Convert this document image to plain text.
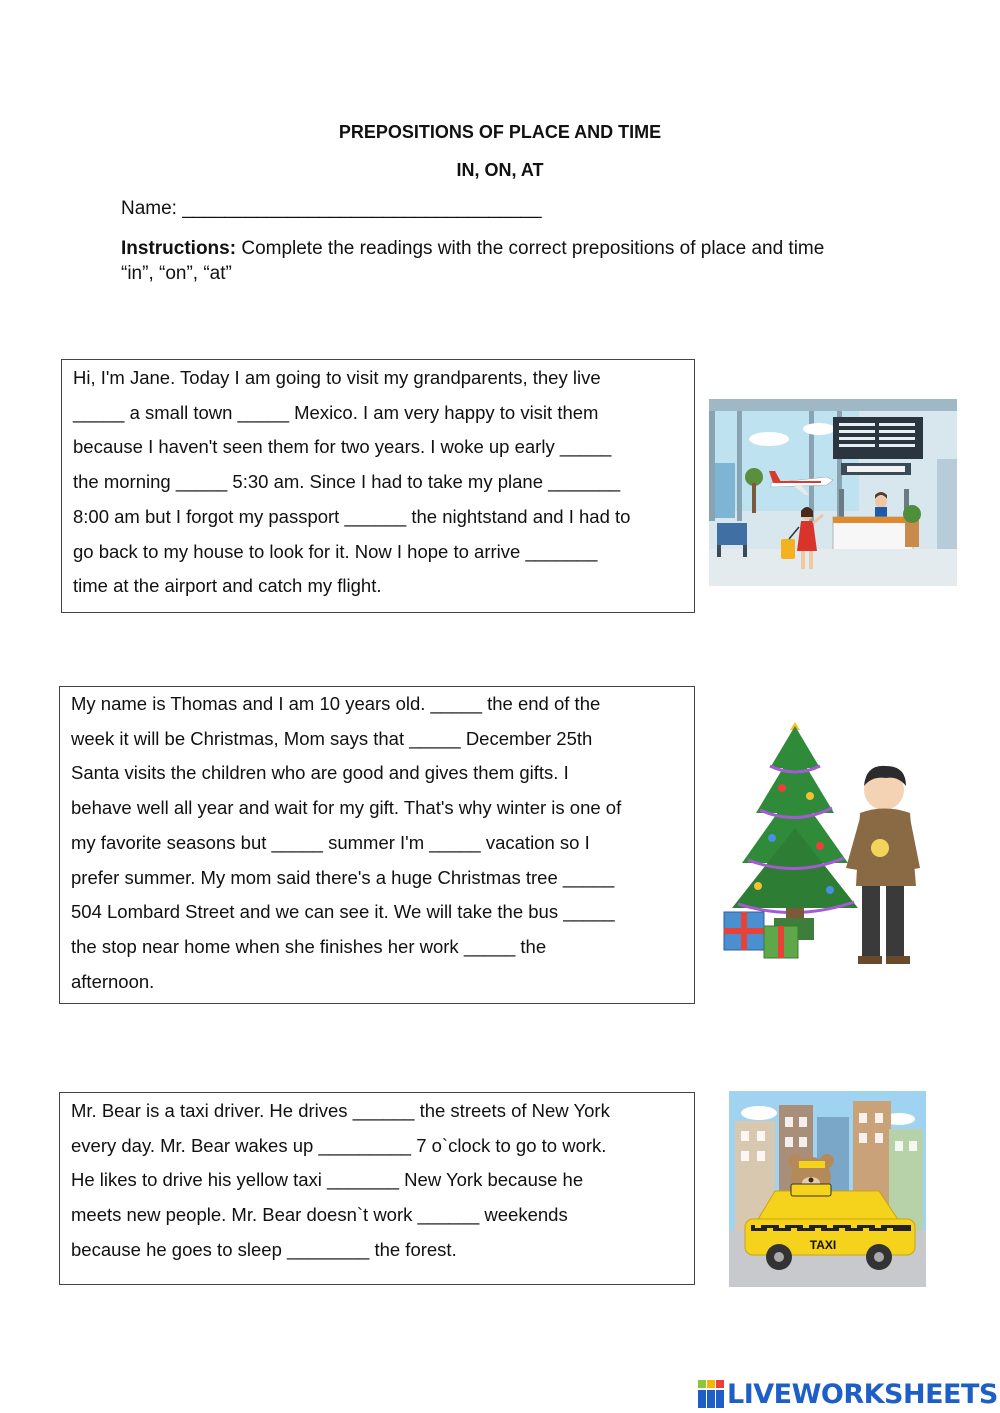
PREPOSITIONS OF PLACE AND TIME
IN, ON, AT
Name: __________________________________
Instructions: Complete the readings with the correct prepositions of place and time
“in”, “on”, “at”

Hi, I'm Jane. Today I am going to visit my grandparents, they live

_____ a small town _____ Mexico. I am very happy to visit them

because I haven't seen them for two years. I woke up early _____

the morning _____ 5:30 am. Since I had to take my plane _______

8:00 am but I forgot my passport ______ the nightstand and I had to

go back to my house to look for it. Now I hope to arrive _______

time at the airport and catch my flight.

My name is Thomas and I am 10 years old. _____ the end of the

week it will be Christmas, Mom says that _____ December 25th

Santa visits the children who are good and gives them gifts. I

behave well all year and wait for my gift. That's why winter is one of

my favorite seasons but _____ summer I'm _____ vacation so I

prefer summer. My mom said there's a huge Christmas tree _____

504 Lombard Street and we can see it. We will take the bus _____

the stop near home when she finishes her work _____ the

afternoon.

Mr. Bear is a taxi driver. He drives ______ the streets of New York

every day. Mr. Bear wakes up _________ 7 o`clock to go to work.

He likes to drive his yellow taxi _______ New York because he

meets new people. Mr. Bear doesn`t work ______ weekends

because he goes to sleep ________ the forest.	TAXI
LIVEWORKSHEETS
